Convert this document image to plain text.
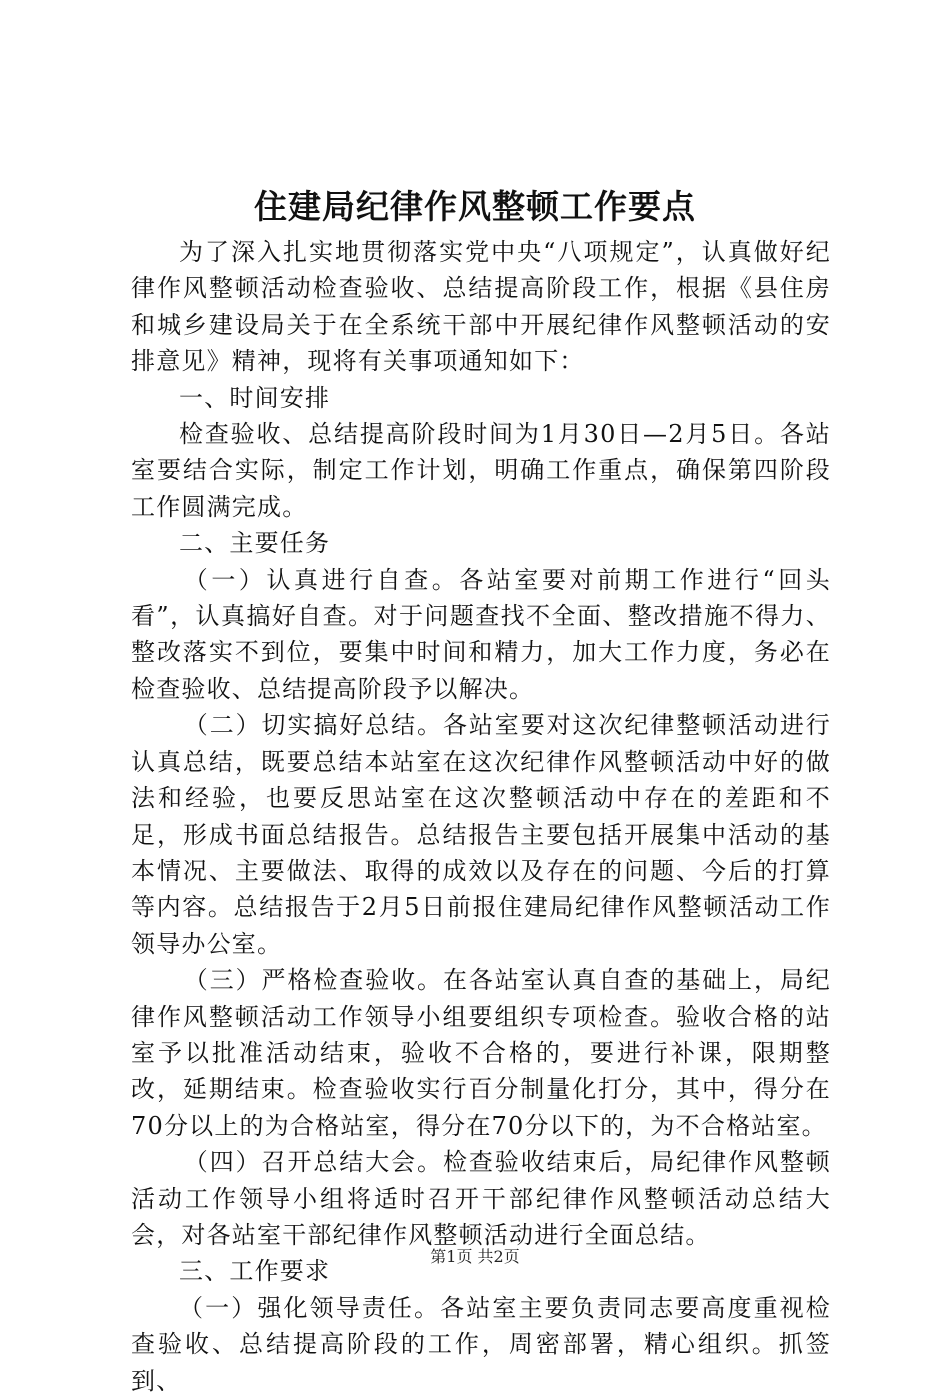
住建局纪律作风整顿工作要点

为了深入扎实地贯彻落实党中央“八项规定”，认真做好纪律作风整顿活动检查验收、总结提高阶段工作，根据《县住房和城乡建设局关于在全系统干部中开展纪律作风整顿活动的安排意见》精神，现将有关事项通知如下：

一、时间安排

检查验收、总结提高阶段时间为1月30日—2月5日。各站室要结合实际，制定工作计划，明确工作重点，确保第四阶段工作圆满完成。

二、主要任务

（一）认真进行自查。各站室要对前期工作进行“回头看”，认真搞好自查。对于问题查找不全面、整改措施不得力、整改落实不到位，要集中时间和精力，加大工作力度，务必在检查验收、总结提高阶段予以解决。

（二）切实搞好总结。各站室要对这次纪律整顿活动进行认真总结，既要总结本站室在这次纪律作风整顿活动中好的做法和经验，也要反思站室在这次整顿活动中存在的差距和不足，形成书面总结报告。总结报告主要包括开展集中活动的基本情况、主要做法、取得的成效以及存在的问题、今后的打算等内容。总结报告于2月5日前报住建局纪律作风整顿活动工作领导办公室。

（三）严格检查验收。在各站室认真自查的基础上，局纪律作风整顿活动工作领导小组要组织专项检查。验收合格的站室予以批准活动结束，验收不合格的，要进行补课，限期整改，延期结束。检查验收实行百分制量化打分，其中，得分在70分以上的为合格站室，得分在70分以下的，为不合格站室。

（四）召开总结大会。检查验收结束后，局纪律作风整顿活动工作领导小组将适时召开干部纪律作风整顿活动总结大会，对各站室干部纪律作风整顿活动进行全面总结。

三、工作要求

（一）强化领导责任。各站室主要负责同志要高度重视检查验收、总结提高阶段的工作，周密部署，精心组织。抓签到、

第1页 共2页
